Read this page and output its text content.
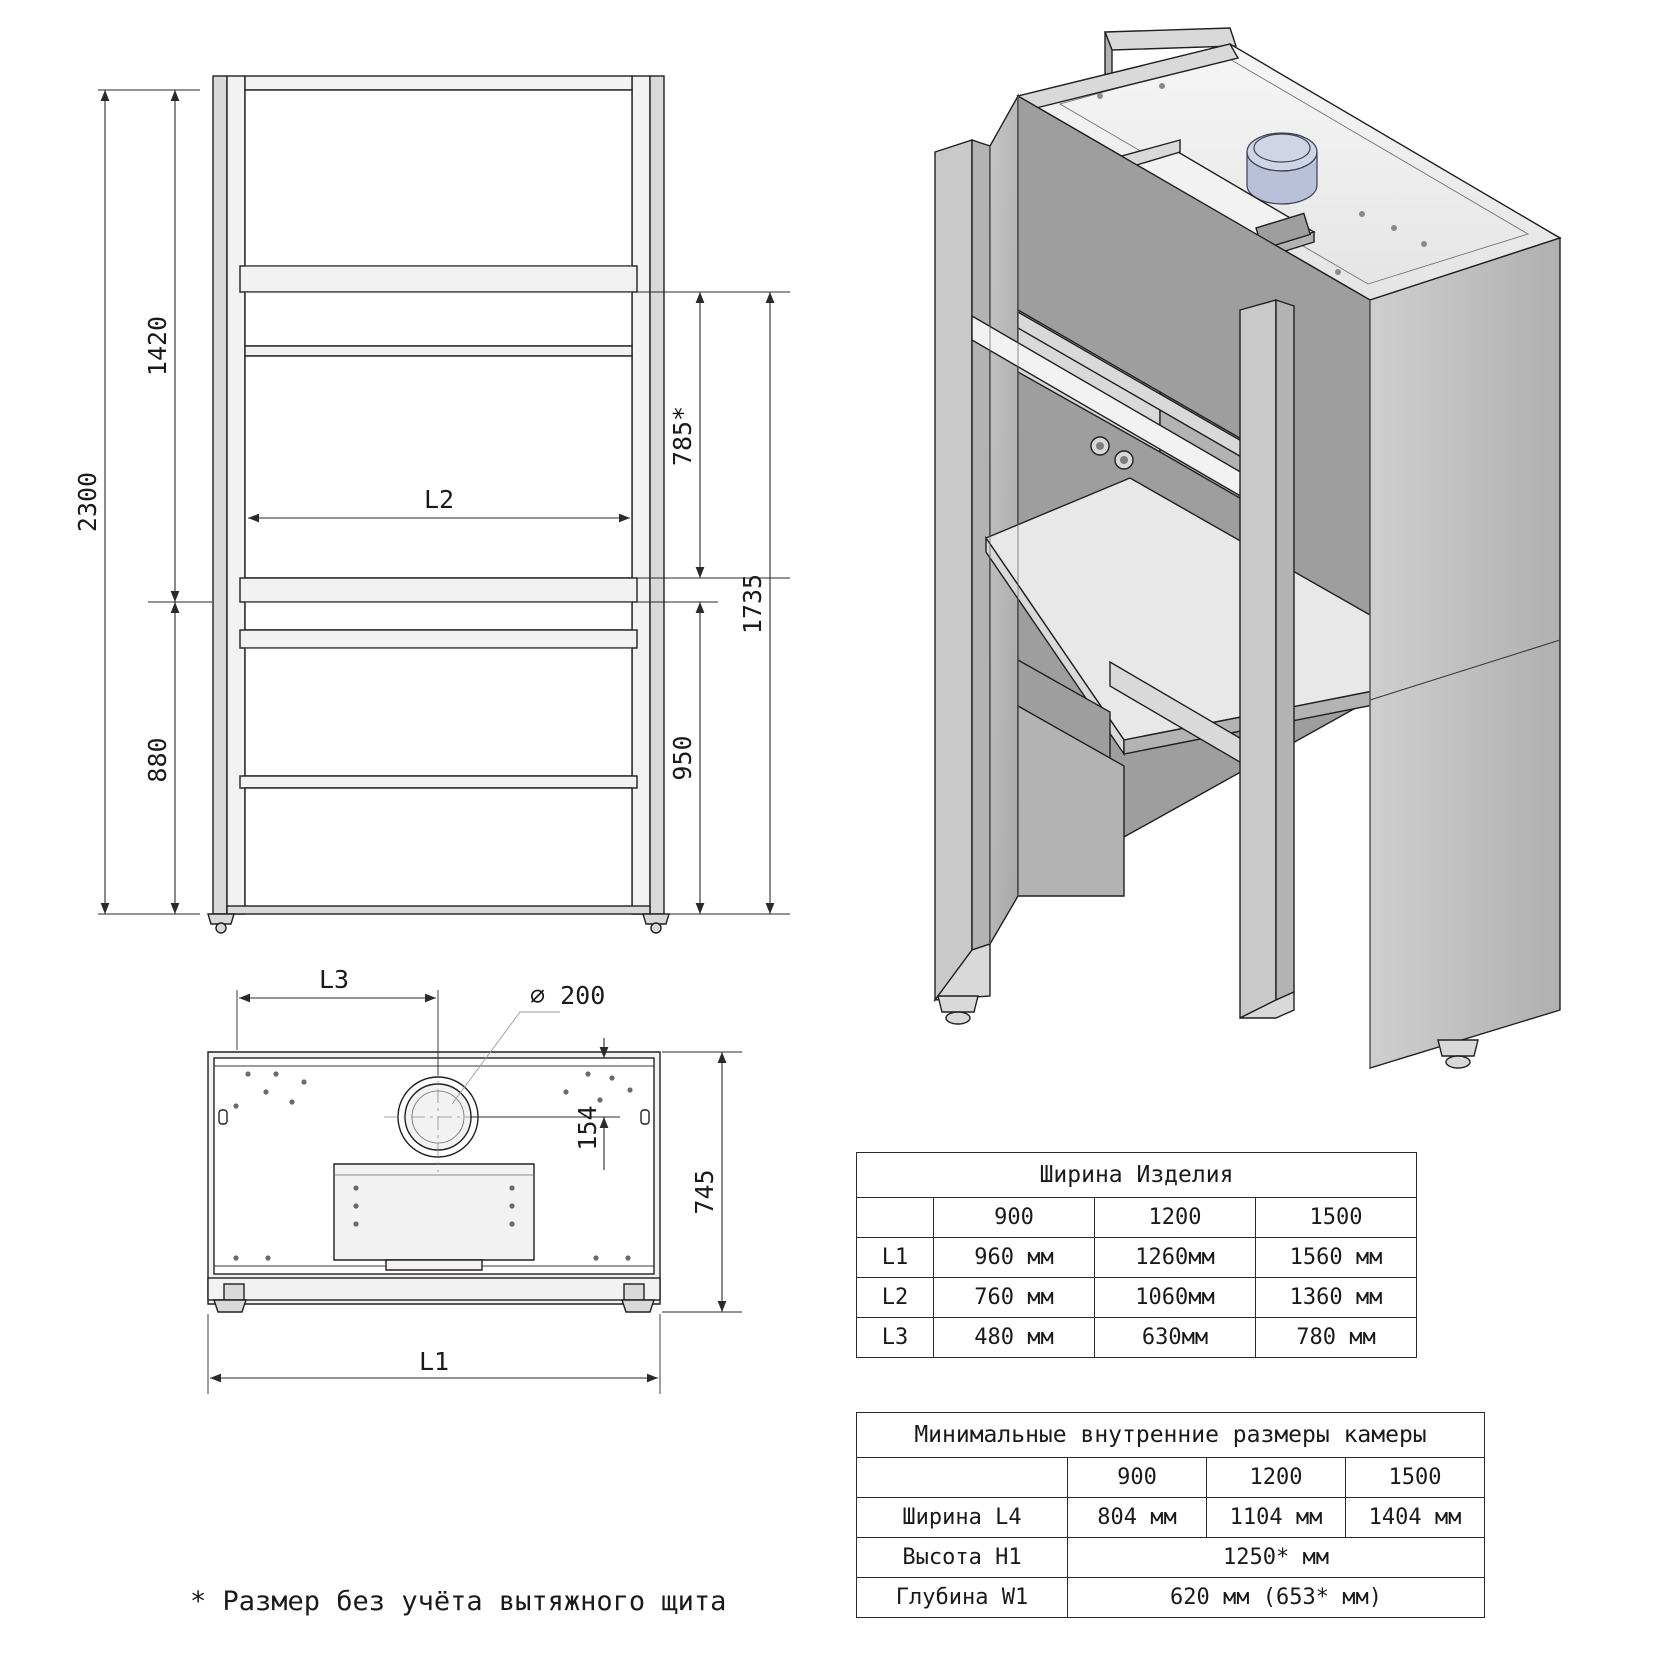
2300
1420
880
L2
785*
1735
950
L3
⌀ 200
154
745
L1
Ширина Изделия			
	900	1200	1500
L1	960 мм	1260мм	1560 мм
L2	760 мм	1060мм	1360 мм
L3	480 мм	630мм	780 мм
Минимальные внутренние размеры камеры			
	900	1200	1500
Ширина L4	804 мм	1104 мм	1404 мм
Высота H1	1250* мм		
Глубина W1	620 мм (653* мм)		
* Размер без учёта вытяжного щита
